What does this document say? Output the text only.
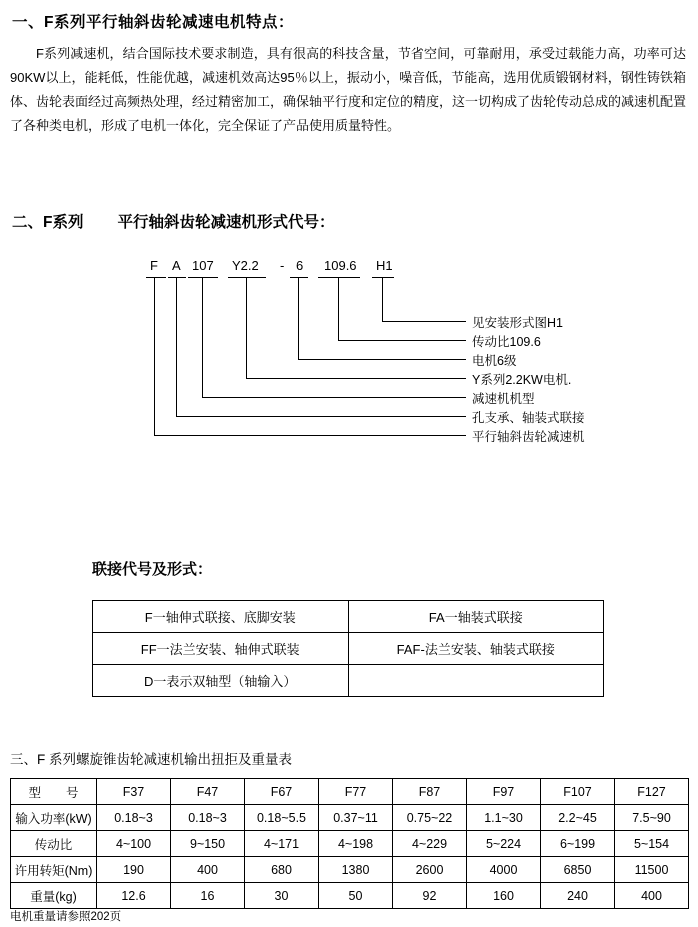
一、F系列平行轴斜齿轮减速电机特点：
F系列减速机，结合国际技术要求制造，具有很高的科技含量，节省空间，可靠耐用，承受过载能力高，功率可达90KW以上，能耗低，性能优越，减速机效高达95％以上，振动小，噪音低，节能高，选用优质锻钢材料，钢性铸铁箱体、齿轮表面经过高频热处理，经过精密加工，确保轴平行度和定位的精度，这一切构成了齿轮传动总成的减速机配置了各种类电机，形成了电机一体化，完全保证了产品使用质量特性。
二、F系列 平行轴斜齿轮减速机形式代号：
F A 107 Y2.2 - 6 109.6 H1
见安装形式图H1
传动比109.6
电机6级
Y系列2.2KW电机.
减速机机型
孔支承、轴装式联接
平行轴斜齿轮减速机
联接代号及形式：
F一轴伸式联接、底脚安装	FA一轴装式联接
FF一法兰安装、轴伸式联装	FAF-法兰安装、轴装式联接
D一表示双轴型（轴输入）	
三、F 系列螺旋锥齿轮减速机输出扭拒及重量表
型　　号	F37	F47	F67	F77	F87	F97	F107	F127
输入功率(kW)	0.18~3	0.18~3	0.18~5.5	0.37~11	0.75~22	1.1~30	2.2~45	7.5~90
传动比	4~100	9~150	4~171	4~198	4~229	5~224	6~199	5~154
许用转矩(Nm)	190	400	680	1380	2600	4000	6850	11500
重量(kg)	12.6	16	30	50	92	160	240	400
电机重量请参照202页
